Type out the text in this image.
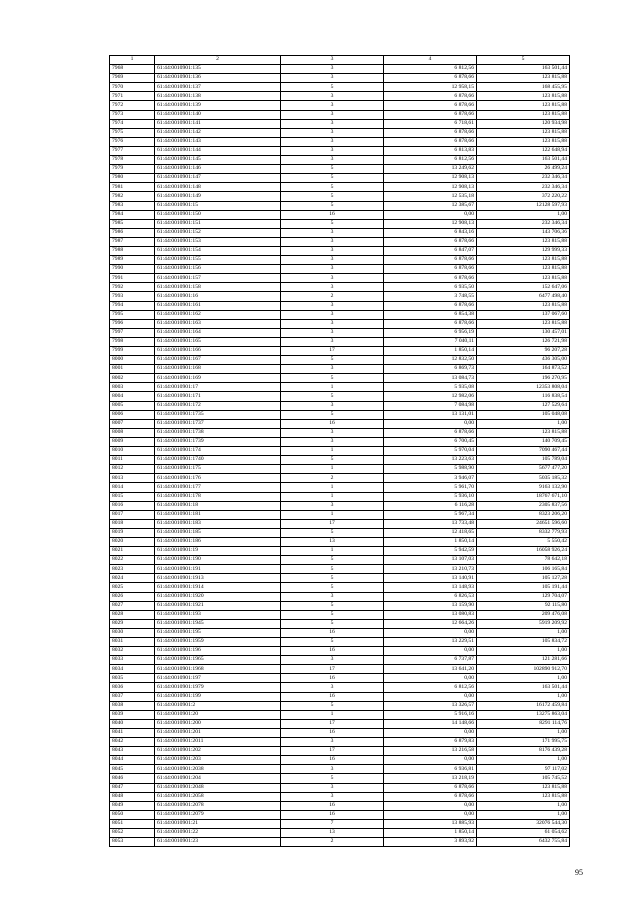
1	2	3	4	5
7968	61:44:0010901:135	3	6 812,56	163 501,44
7969	61:44:0010901:136	3	6 878,66	123 815,88
7970	61:44:0010901:137	5	12 958,15	168 455,95
7971	61:44:0010901:138	3	6 878,66	123 815,88
7972	61:44:0010901:139	3	6 878,66	123 815,88
7973	61:44:0010901:140	3	6 878,66	123 815,88
7974	61:44:0010901:141	3	6 718,61	120 934,98
7975	61:44:0010901:142	3	6 878,66	123 815,88
7976	61:44:0010901:143	3	6 878,66	123 815,88
7977	61:44:0010901:144	3	6 813,83	122 648,94
7978	61:44:0010901:145	3	6 812,56	163 501,44
7979	61:44:0010901:146	5	13 249,62	26 499,24
7980	61:44:0010901:147	5	12 908,13	232 346,34
7981	61:44:0010901:148	5	12 908,13	232 346,34
7982	61:44:0010901:149	5	12 535,18	372 220,22
7983	61:44:0010901:15	5	12 385,67	12128 597,93
7984	61:44:0010901:150	16	0,00	1,00
7985	61:44:0010901:151	5	12 908,13	232 346,34
7986	61:44:0010901:152	3	6 843,16	143 706,36
7987	61:44:0010901:153	3	6 878,66	123 815,88
7988	61:44:0010901:154	3	6 847,07	129 999,33
7989	61:44:0010901:155	3	6 878,66	123 815,88
7990	61:44:0010901:156	3	6 878,66	123 815,88
7991	61:44:0010901:157	3	6 878,66	123 815,88
7992	61:44:0010901:158	3	6 935,50	152 647,06
7993	61:44:0010901:16	2	3 748,55	6477 498,40
7994	61:44:0010901:161	3	6 878,66	123 815,88
7995	61:44:0010901:162	3	6 854,38	137 067,60
7996	61:44:0010901:163	3	6 878,66	123 815,88
7997	61:44:0010901:164	3	6 956,19	130 457,01
7998	61:44:0010901:165	3	7 040,11	126 721,98
7999	61:44:0010901:166	17	1 850,14	96 207,28
8000	61:44:0010901:167	5	12 832,50	436 305,00
8001	61:44:0010901:168	3	6 869,73	164 873,52
8002	61:44:0010901:169	5	13 084,73	196 270,95
8003	61:44:0010901:17	1	5 935,08	12353 808,04
8004	61:44:0010901:171	5	12 982,06	116 838,54
8005	61:44:0010901:172	3	7 084,98	127 529,64
8006	61:44:0010901:1735	5	13 131,01	105 048,08
8007	61:44:0010901:1737	16	0,00	1,00
8008	61:44:0010901:1738	3	6 878,66	123 815,88
8009	61:44:0010901:1739	3	6 700,45	140 709,45
8010	61:44:0010901:174	1	5 970,04	7090 467,44
8011	61:44:0010901:1740	5	13 223,63	105 789,04
8012	61:44:0010901:175	1	5 988,90	5677 477,20
8013	61:44:0010901:176	2	3 946,07	5035 185,32
8014	61:44:0010901:177	1	5 961,70	9163 132,90
8015	61:44:0010901:178	1	5 936,10	18767 671,10
8016	61:44:0010901:18	3	6 116,28	2305 837,56
8017	61:44:0010901:181	1	5 967,34	8323 206,20
8018	61:44:0010901:183	17	13 733,48	24651 596,60
8019	61:44:0010901:185	5	12 418,65	8332 779,93
8020	61:44:0010901:186	13	1 850,14	5 550,42
8021	61:44:0010901:19	1	5 942,59	16058 926,24
8022	61:44:0010901:190	5	13 107,03	78 642,18
8023	61:44:0010901:191	5	13 210,73	106 165,84
8024	61:44:0010901:1913	5	13 140,91	105 127,28
8025	61:44:0010901:1914	5	13 148,93	105 191,44
8026	61:44:0010901:1920	3	6 826,53	129 704,07
8027	61:44:0010901:1921	5	13 159,90	92 115,80
8028	61:44:0010901:193	5	13 080,83	209 476,08
8029	61:44:0010901:1945	5	12 664,26	5919 209,92
8030	61:44:0010901:195	16	0,00	1,00
8031	61:44:0010901:1959	5	13 229,51	105 834,72
8032	61:44:0010901:196	16	0,00	1,00
8033	61:44:0010901:1965	3	6 737,87	121 281,66
8034	61:44:0010901:1968	17	13 641,20	102890 912,70
8035	61:44:0010901:197	16	0,00	1,00
8036	61:44:0010901:1979	3	6 812,56	163 501,44
8037	61:44:0010901:199	16	0,00	1,00
8038	61:44:0010901:2	5	13 326,57	16172 459,84
8039	61:44:0010901:20	1	5 916,16	13275 863,04
8040	61:44:0010901:200	17	14 148,66	8291 114,76
8041	61:44:0010901:201	16	0,00	1,00
8042	61:44:0010901:2011	3	6 879,83	171 995,75
8043	61:44:0010901:202	17	13 216,58	8176 439,28
8044	61:44:0010901:203	16	0,00	1,00
8045	61:44:0010901:2038	3	6 936,81	97 117,02
8046	61:44:0010901:204	5	13 218,19	105 745,52
8047	61:44:0010901:2048	3	6 878,66	123 815,88
8048	61:44:0010901:2058	3	6 878,66	123 815,88
8049	61:44:0010901:2078	16	0,00	1,00
8050	61:44:0010901:2079	16	0,00	1,00
8051	61:44:0010901:21	7	13 885,93	32076 544,30
8052	61:44:0010901:22	13	1 850,14	61 054,62
8053	61:44:0010901:23	2	3 893,92	6432 755,84
95
